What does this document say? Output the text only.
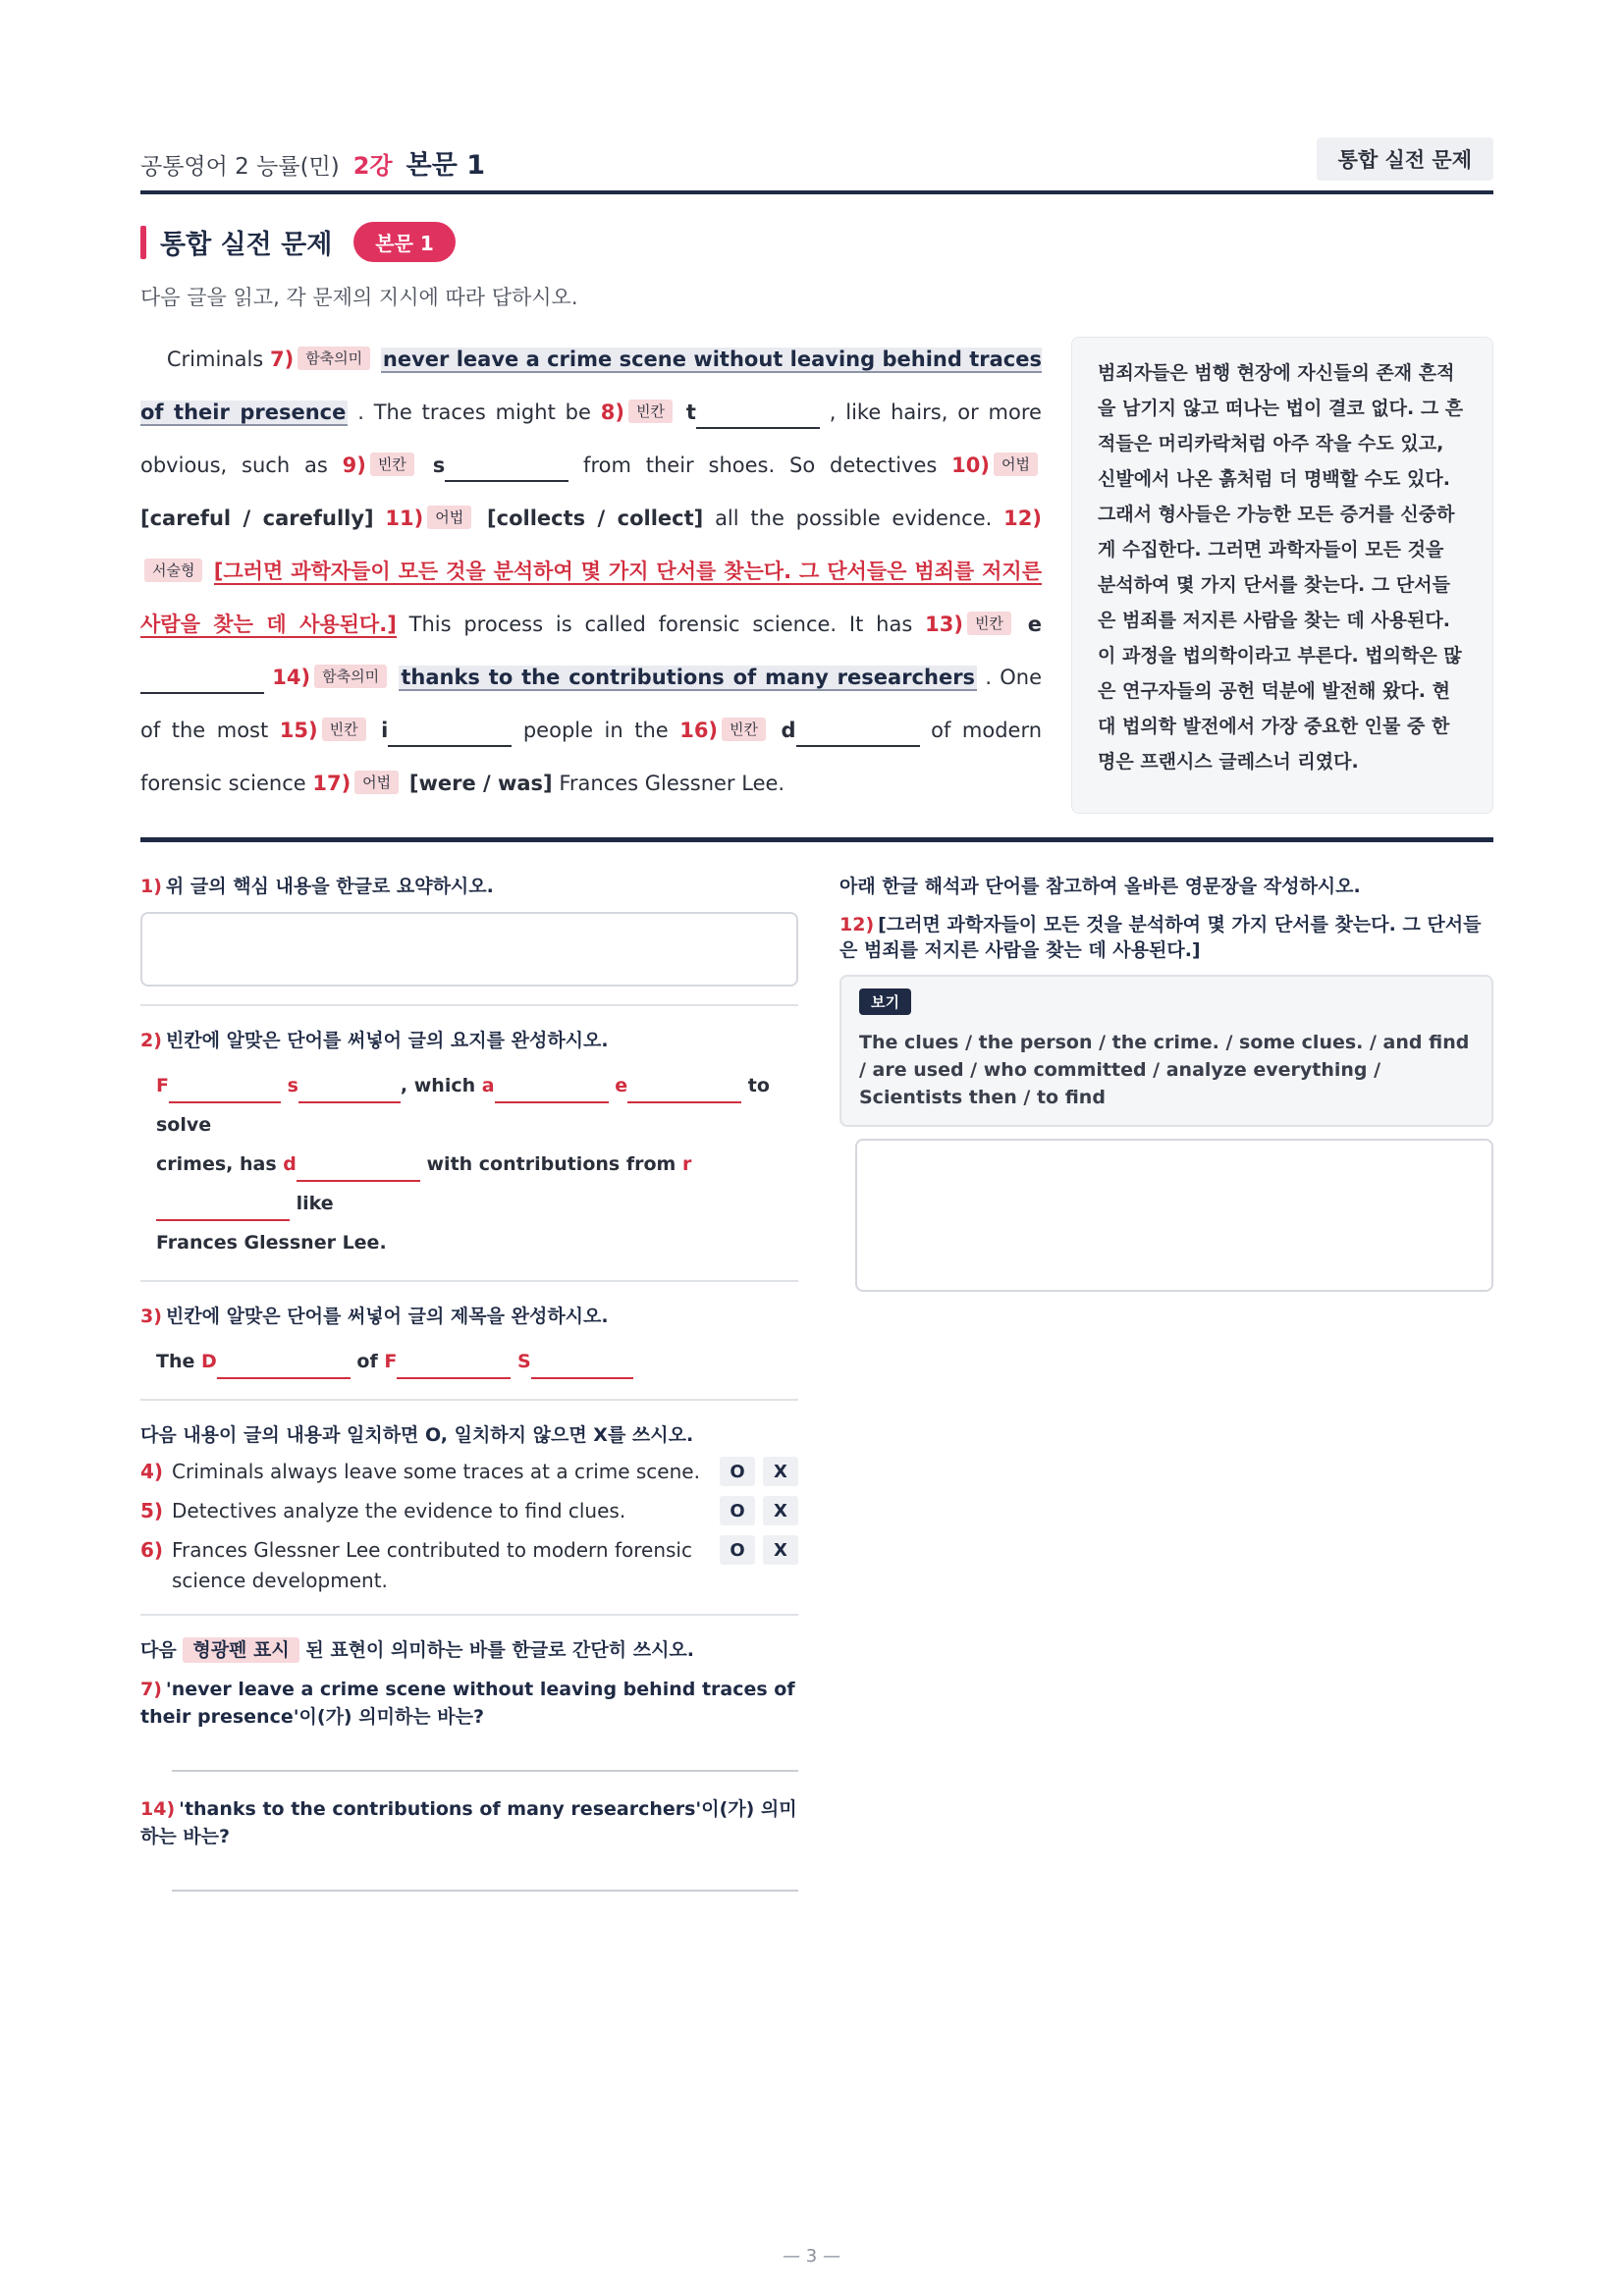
공통영어 2 능률(민) 2강 본문 1	통합 실전 문제
통합 실전 문제	본문 1
다음 글을 읽고, 각 문제의 지시에 따라 답하시오.
Criminals 7) 함축의미 never leave a crime scene without leaving behind traces of their presence . The traces might be 8) 빈칸 t	, like hairs, or more obvious, such as 9) 빈칸 s	from their shoes. So detectives 10) 어법 [careful / carefully] 11) 어법 [collects / collect] all the possible evidence. 12)서술형 [그러면 과학자들이 모든 것을 분석하여 몇 가지 단서를 찾는다. 그 단서들은 범죄를 저지른 사람을 찾는 데 사용된다.] This process is called forensic science. It has 13) 빈칸 e 14) 함축의미 thanks to the contributions of many researchers . One of the most 15) 빈칸 i	people in the 16) 빈칸 d	of modern forensic science 17) 어법 [were / was] Frances Glessner Lee.
범죄자들은 범행 현장에 자신들의 존재 흔적을 남기지 않고 떠나는 법이 결코 없다. 그 흔적들은 머리카락처럼 아주 작을 수도 있고, 신발에서 나온 흙처럼 더 명백할 수도 있다. 그래서 형사들은 가능한 모든 증거를 신중하게 수집한다. 그러면 과학자들이 모든 것을 분석하여 몇 가지 단서를 찾는다. 그 단서들은 범죄를 저지른 사람을 찾는 데 사용된다. 이 과정을 법의학이라고 부른다. 법의학은 많은 연구자들의 공헌 덕분에 발전해 왔다. 현대 법의학 발전에서 가장 중요한 인물 중 한 명은 프랜시스 글레스너 리였다.
1) 위 글의 핵심 내용을 한글로 요약하시오.
2) 빈칸에 알맞은 단어를 써넣어 글의 요지를 완성하시오.
F	s	, which a	e	to solve
crimes, has d	with contributions from r like
Frances Glessner Lee.
3) 빈칸에 알맞은 단어를 써넣어 글의 제목을 완성하시오.
The D	of F	S
다음 내용이 글의 내용과 일치하면 O, 일치하지 않으면 X를 쓰시오.
4) Criminals always leave some traces at a crime scene.	O	X
5) Detectives analyze the evidence to find clues.	O	X
6) Frances Glessner Lee contributed to modern forensic science development.
O	X
다음 형광펜 표시 된 표현이 의미하는 바를 한글로 간단히 쓰시오.
7) 'never leave a crime scene without leaving behind traces of their presence'이(가) 의미하는 바는?
14) 'thanks to the contributions of many researchers'이(가) 의미하는 바는?
아래 한글 해석과 단어를 참고하여 올바른 영문장을 작성하시오.
12) [그러면 과학자들이 모든 것을 분석하여 몇 가지 단서를 찾는다. 그 단서들은 범죄를 저지른 사람을 찾는 데 사용된다.]
보기
The clues / the person / the crime. / some clues. / and find / are used / who committed / analyze everything / Scientists then / to find
— 3 —
